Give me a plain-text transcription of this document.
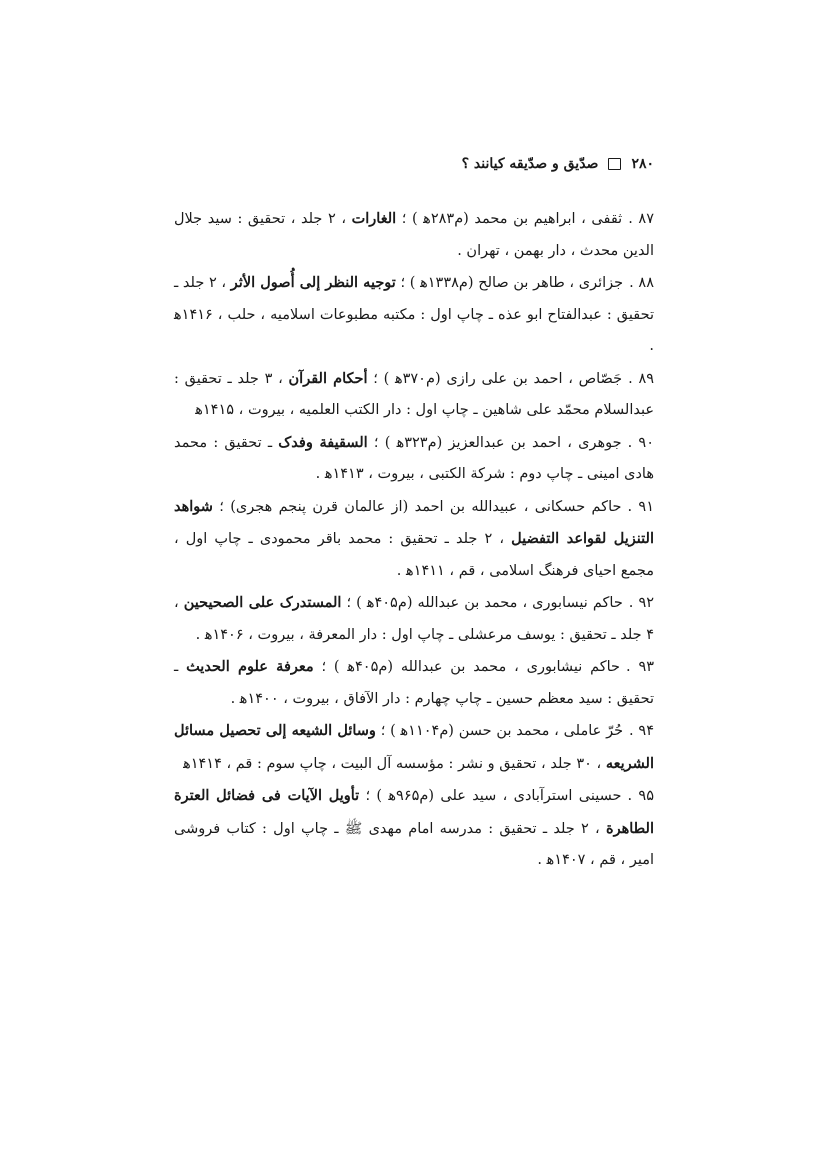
۲۸۰
صدّیق و صدّیقه کیانند ؟
۸۷ .ثقفی ، ابراهیم بن محمد (م۲۸۳ﻫ ) ؛ الغارات ، ۲ جلد ، تحقیق : سید جلال الدین محدث ، دار بهمن ، تهران .
۸۸ .جزائری ، طاهر بن صالح (م۱۳۳۸ﻫ ) ؛ توجیه النظر إلی أُصول الأثر ، ۲ جلد ـ تحقیق : عبدالفتاح ابو عذه ـ چاپ اول : مکتبه مطبوعات اسلامیه ، حلب ، ۱۴۱۶ﻫ .
۸۹ .جَصّاص ، احمد بن علی رازی (م۳۷۰ﻫ ) ؛ أحکام القرآن ، ۳ جلد ـ تحقیق : عبدالسلام محمّد علی شاهین ـ چاپ اول : دار الکتب العلمیه ، بیروت ، ۱۴۱۵ﻫ
۹۰ .جوهری ، احمد بن عبدالعزیز (م۳۲۳ﻫ ) ؛ السقیفة وفدک ـ تحقیق : محمد هادی امینی ـ چاپ دوم : شرکة الکتبی ، بیروت ، ۱۴۱۳ﻫ .
۹۱ .حاکم حسکانی ، عبیدالله بن احمد (از عالمان قرن پنجم هجری) ؛ شواهد التنزیل لقواعد التفضیل ، ۲ جلد ـ تحقیق : محمد باقر محمودی ـ چاپ اول ، مجمع احیای فرهنگ اسلامی ، قم ، ۱۴۱۱ﻫ .
۹۲ .حاکم نیسابوری ، محمد بن عبدالله (م۴۰۵ﻫ ) ؛ المستدرک علی الصحیحین ، ۴ جلد ـ تحقیق : یوسف مرعشلی ـ چاپ اول : دار المعرفة ، بیروت ، ۱۴۰۶ﻫ .
۹۳ .حاکم نیشابوری ، محمد بن عبدالله (م۴۰۵ﻫ ) ؛ معرفة علوم الحدیث ـ تحقیق : سید معظم حسین ـ چاپ چهارم : دار الآفاق ، بیروت ، ۱۴۰۰ﻫ .
۹۴ .حُرّ عاملی ، محمد بن حسن (م۱۱۰۴ﻫ ) ؛ وسائل الشیعه إلی تحصیل مسائل الشریعه ، ۳۰ جلد ، تحقیق و نشر : مؤسسه آل البیت ، چاپ سوم : قم ، ۱۴۱۴ﻫ
۹۵ .حسینی استرآبادی ، سید علی (م۹۶۵ﻫ ) ؛ تأویل الآیات فی فضائل العترة الطاهرة ، ۲ جلد ـ تحقیق : مدرسه امام مهدی ﷺ ـ چاپ اول : کتاب فروشی امیر ، قم ، ۱۴۰۷ﻫ .
